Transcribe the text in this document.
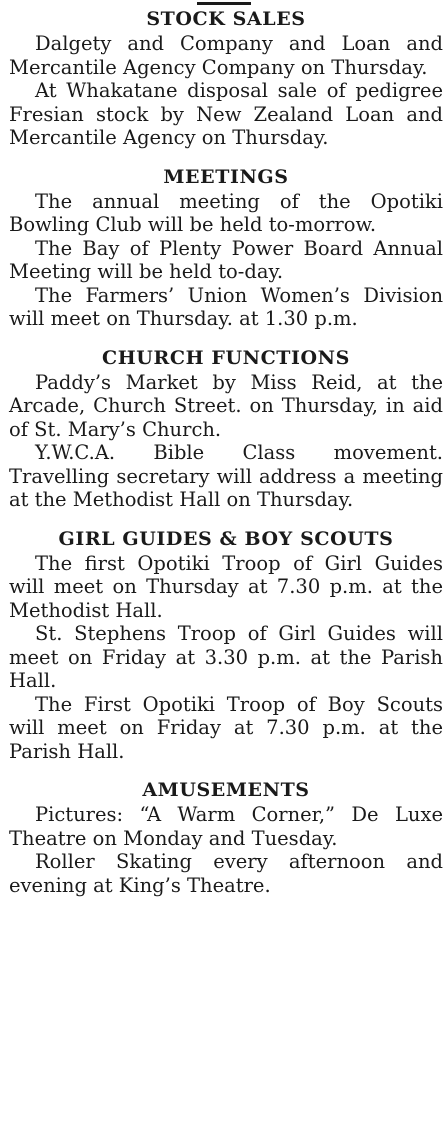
STOCK SALES

Dalgety and Company and Loan and Mercantile Agency Company on Thursday.

At Whakatane disposal sale of pedigree Fresian stock by New Zealand Loan and Mercantile Agency on Thursday.

MEETINGS

The annual meeting of the Opotiki Bowling Club will be held to-morrow.

The Bay of Plenty Power Board Annual Meeting will be held to-day.

The Farmers’ Union Women’s Division will meet on Thursday. at 1.30 p.m.

CHURCH FUNCTIONS

Paddy’s Market by Miss Reid, at the Arcade, Church Street. on Thursday, in aid of St. Mary’s Church.

Y.W.C.A. Bible Class movement. Travelling secretary will address a meeting at the Methodist Hall on Thursday.

GIRL GUIDES & BOY SCOUTS

The first Opotiki Troop of Girl Guides will meet on Thursday at 7.30 p.m. at the Methodist Hall.

St. Stephens Troop of Girl Guides will meet on Friday at 3.30 p.m. at the Parish Hall.

The First Opotiki Troop of Boy Scouts will meet on Friday at 7.30 p.m. at the Parish Hall.

AMUSEMENTS

Pictures: “A Warm Corner,” De Luxe Theatre on Monday and Tuesday.

Roller Skating every afternoon and evening at King’s Theatre.
